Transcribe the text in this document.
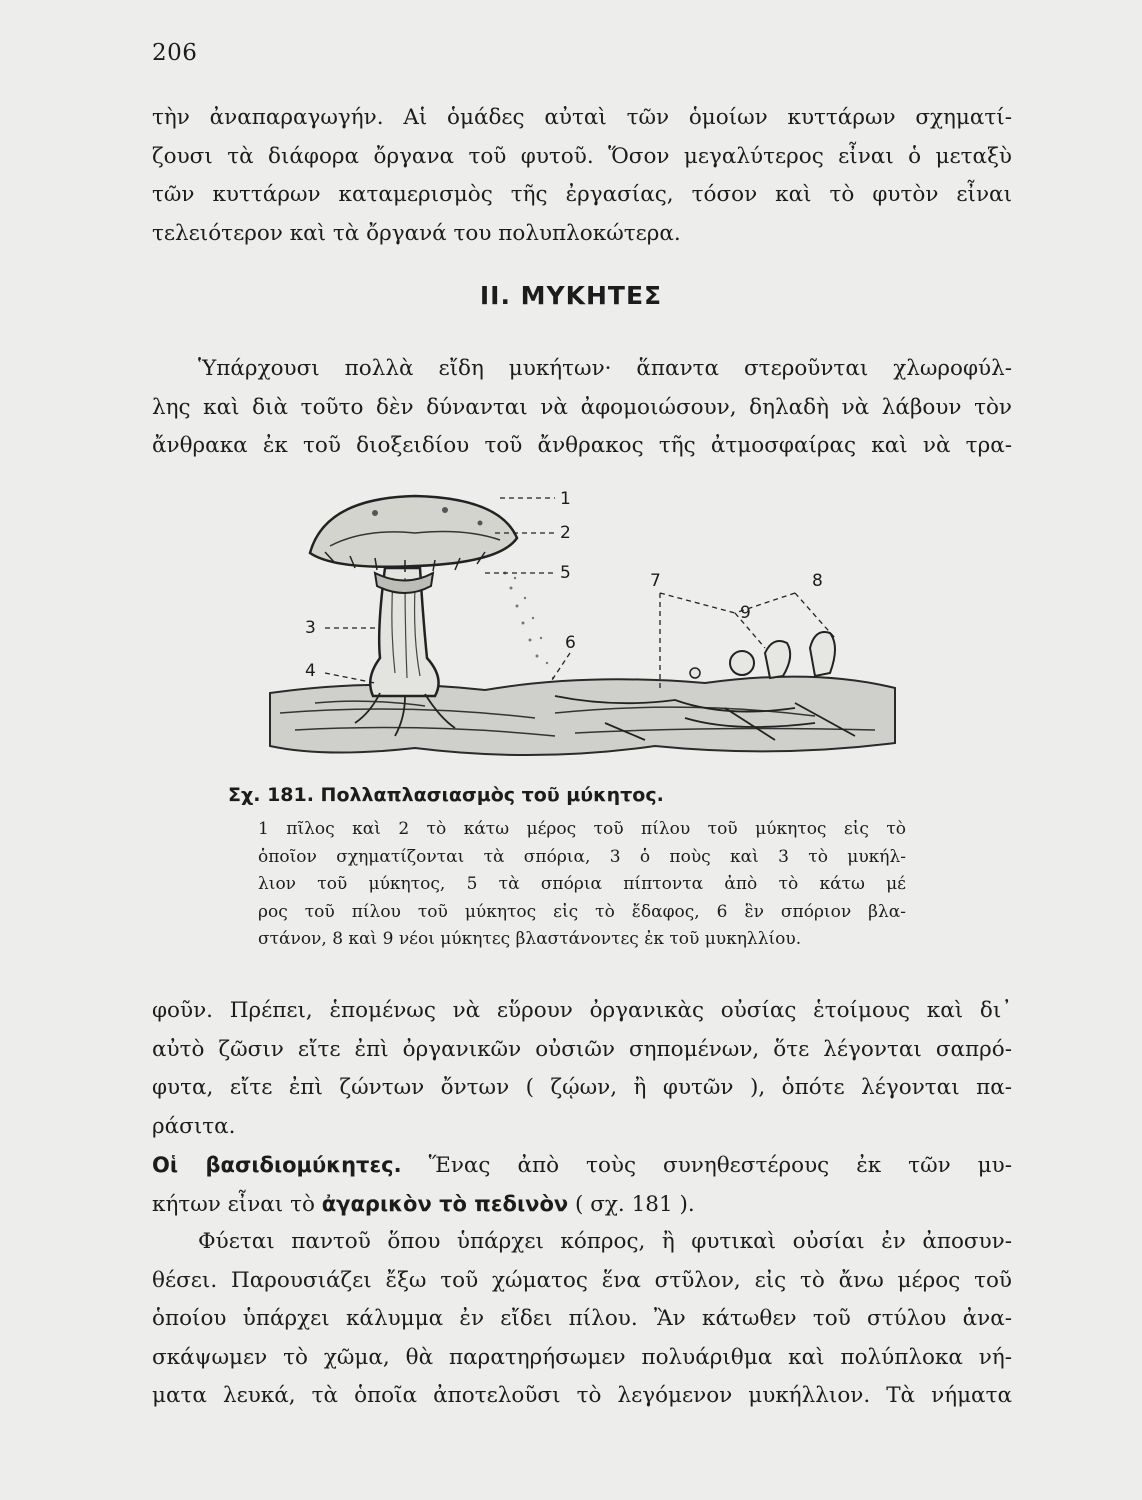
206
τὴν ἀναπαραγωγήν. Αἱ ὁμάδες αὐταὶ τῶν ὁμοίων κυττάρων σχηματί-
ζουσι τὰ διάφορα ὄργανα τοῦ φυτοῦ. Ὅσον μεγαλύτερος εἶναι ὁ μεταξὺ
τῶν κυττάρων καταμερισμὸς τῆς ἐργασίας, τόσον καὶ τὸ φυτὸν εἶναι
τελειότερον καὶ τὰ ὄργανά του πολυπλοκώτερα.
ΙΙ. ΜΥΚΗΤΕΣ
Ὑπάρχουσι πολλὰ εἴδη μυκήτων· ἅπαντα στεροῦνται χλωροφύλ-
λης καὶ διὰ τοῦτο δὲν δύνανται νὰ ἀφομοιώσουν, δηλαδὴ νὰ λάβουν τὸν
ἄνθρακα ἐκ τοῦ διοξειδίου τοῦ ἄνθρακος τῆς ἀτμοσφαίρας καὶ νὰ τρα-
1
2
3
4
5
6
7	8
9
Σχ. 181. Πολλαπλασιασμὸς τοῦ μύκητος.
1 πῖλος καὶ 2 τὸ κάτω μέρος τοῦ πίλου τοῦ μύκητος εἰς τὸ
ὁποῖον σχηματίζονται τὰ σπόρια, 3 ὁ ποὺς καὶ 3 τὸ μυκήλ-
λιον τοῦ μύκητος, 5 τὰ σπόρια πίπτοντα ἀπὸ τὸ κάτω μέ
ρος τοῦ πίλου τοῦ μύκητος εἰς τὸ ἔδαφος, 6 ἓν σπόριον βλα-
στάνον, 8 καὶ 9 νέοι μύκητες βλαστάνοντες ἐκ τοῦ μυκηλλίου.
φοῦν. Πρέπει, ἑπομένως νὰ εὕρουν ὀργανικὰς οὐσίας ἑτοίμους καὶ δι᾽
αὐτὸ ζῶσιν εἴτε ἐπὶ ὀργανικῶν οὐσιῶν σηπομένων, ὅτε λέγονται σαπρό-
φυτα, εἴτε ἐπὶ ζώντων ὄντων ( ζῴων, ἢ φυτῶν ), ὁπότε λέγονται πα-
ράσιτα.
Οἱ βασιδιομύκητες. Ἕνας ἀπὸ τοὺς συνηθεστέρους ἐκ τῶν μυ-
κήτων εἶναι τὸ ἀγαρικὸν τὸ πεδινὸν ( σχ. 181 ).
Φύεται παντοῦ ὅπου ὑπάρχει κόπρος, ἢ φυτικαὶ οὐσίαι ἐν ἀποσυν-
θέσει. Παρουσιάζει ἔξω τοῦ χώματος ἕνα στῦλον, εἰς τὸ ἄνω μέρος τοῦ
ὁποίου ὑπάρχει κάλυμμα ἐν εἴδει πίλου. Ἂν κάτωθεν τοῦ στύλου ἀνα-
σκάψωμεν τὸ χῶμα, θὰ παρατηρήσωμεν πολυάριθμα καὶ πολύπλοκα νή-
ματα λευκά, τὰ ὁποῖα ἀποτελοῦσι τὸ λεγόμενον μυκήλλιον. Τὰ νήματα
